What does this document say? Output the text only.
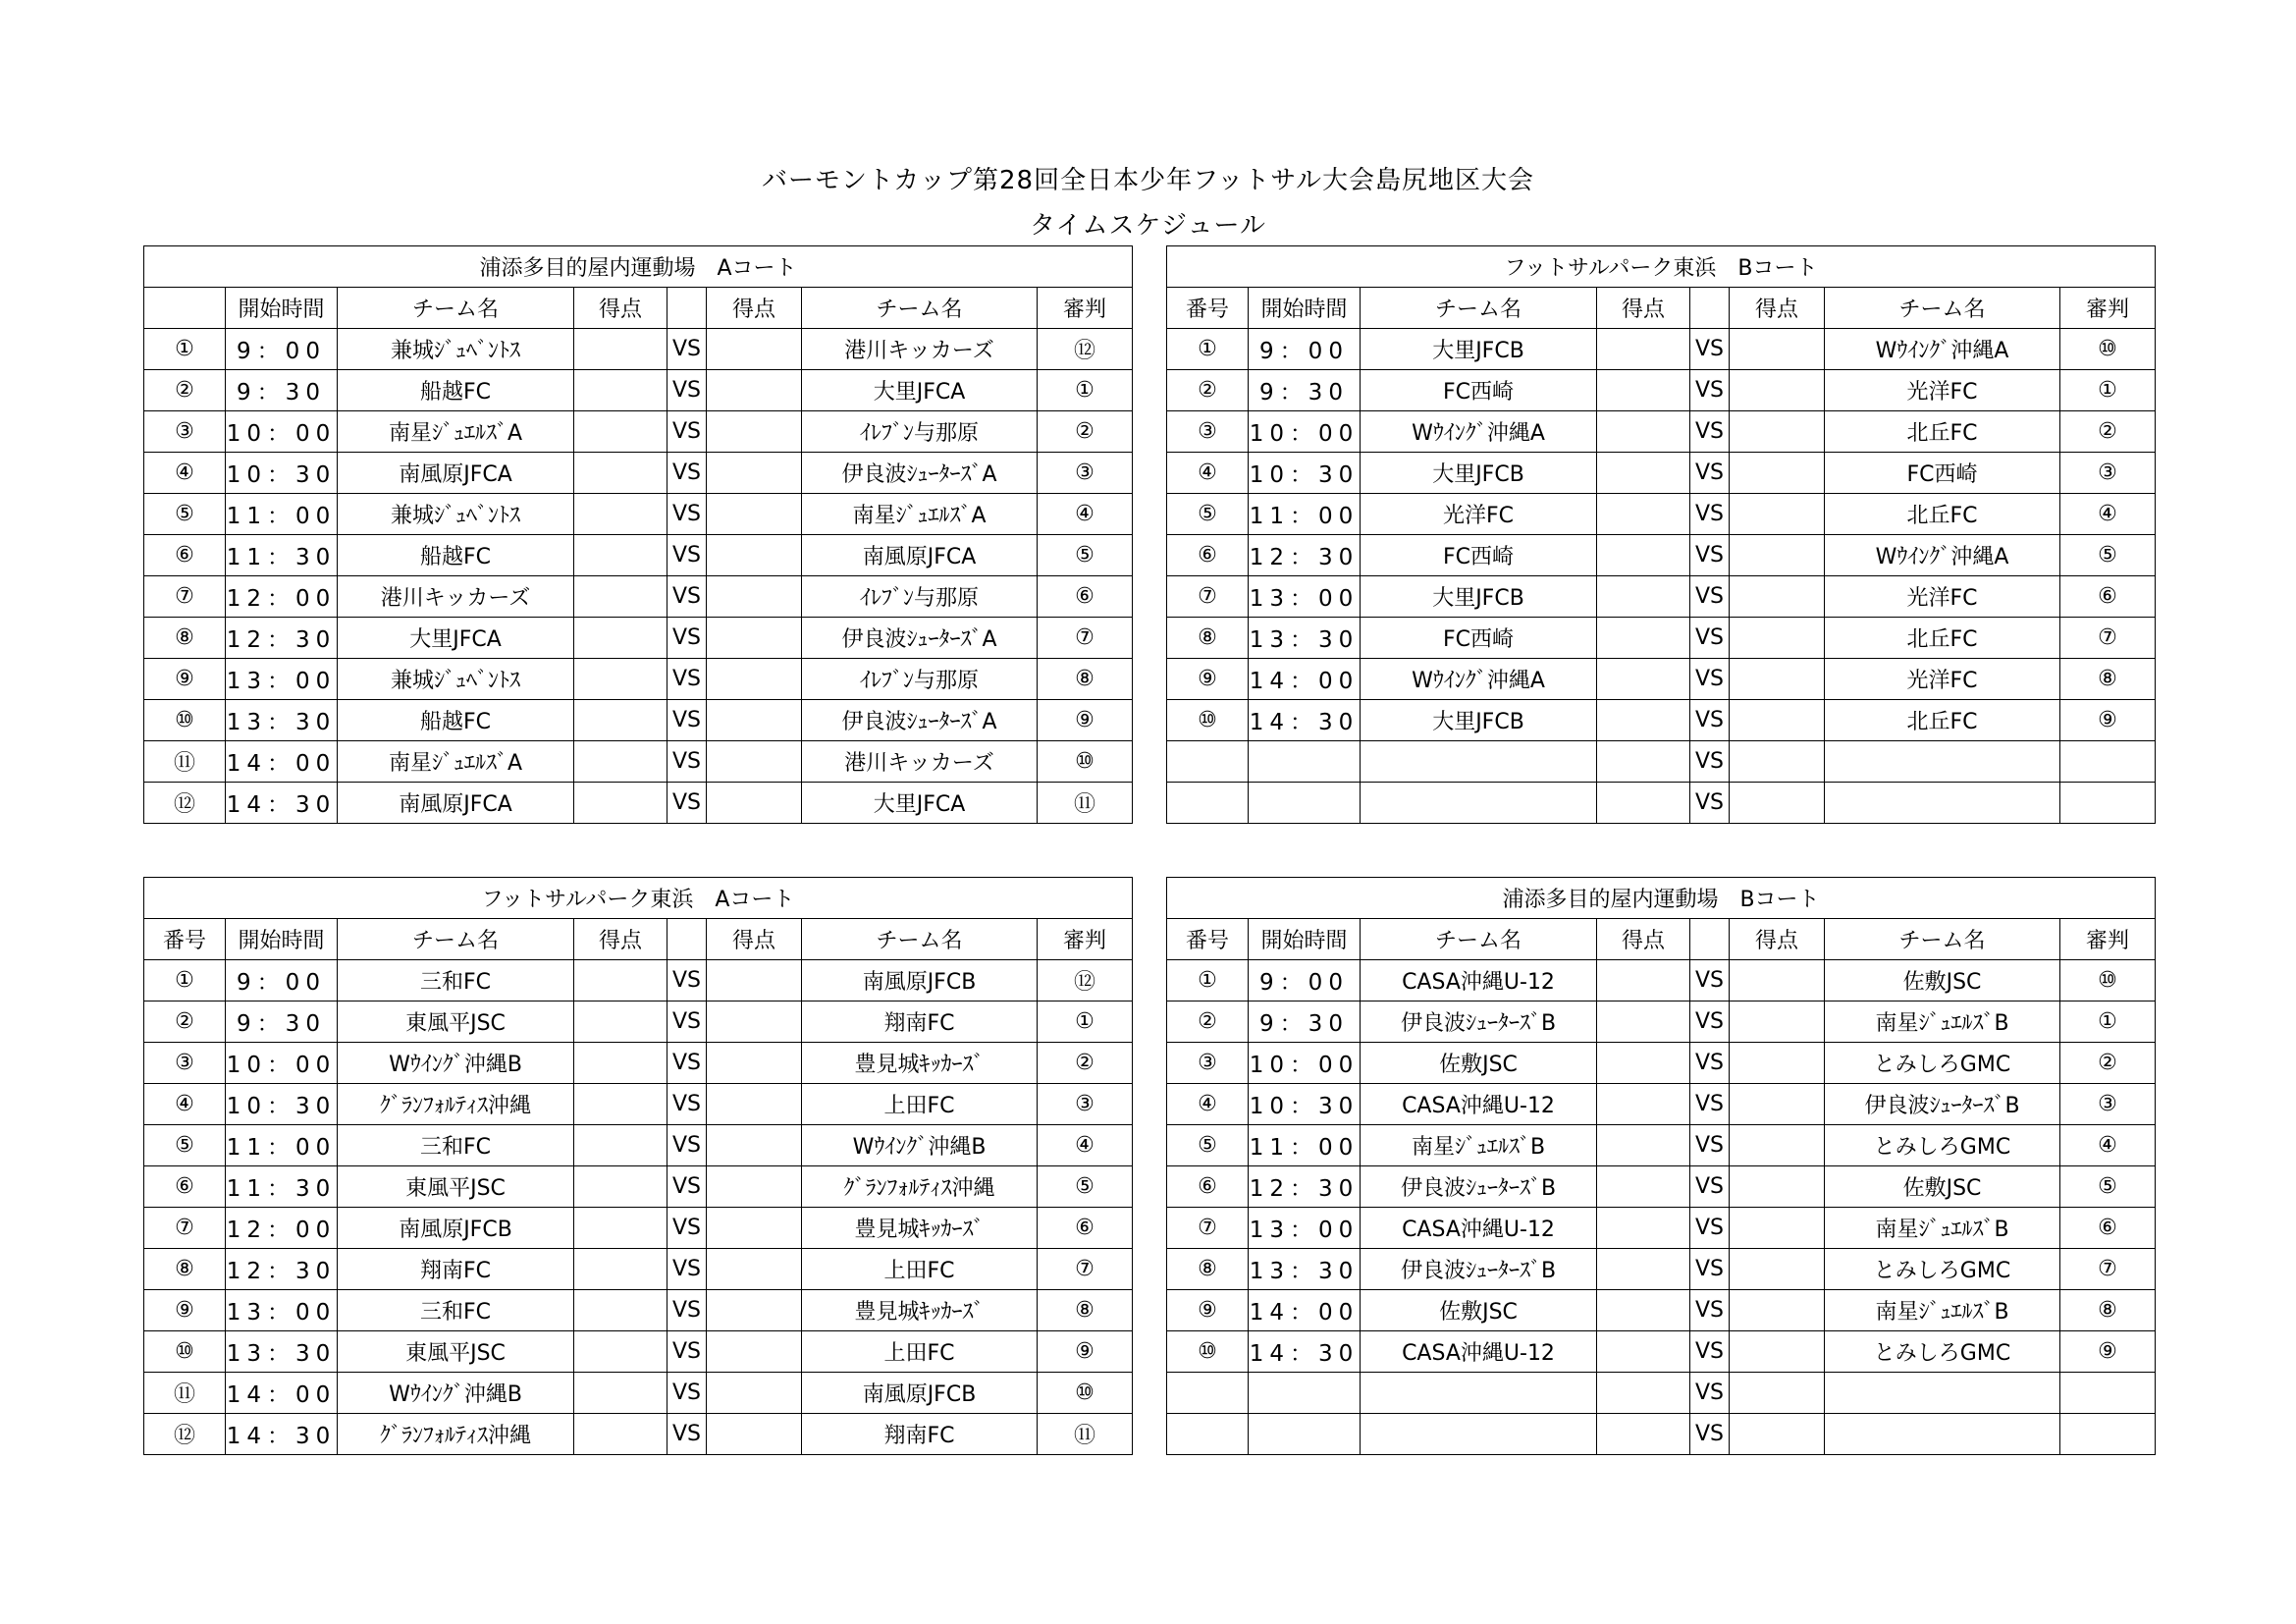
バーモントカップ第28回全日本少年フットサル大会島尻地区大会
タイムスケジュール
浦添多目的屋内運動場　Aコート							
	開始時間	チーム名	得点		得点	チーム名	審判
①	9：00	兼城ｼﾞｭﾍﾞﾝﾄｽ		VS		港川キッカーズ	⑫
②	9：30	船越FC		VS		大里JFCA	①
③	10：00	南星ｼﾞｭｴﾙｽﾞA		VS		ｲﾚﾌﾞﾝ与那原	②
④	10：30	南風原JFCA		VS		伊良波ｼｭｰﾀｰｽﾞA	③
⑤	11：00	兼城ｼﾞｭﾍﾞﾝﾄｽ		VS		南星ｼﾞｭｴﾙｽﾞA	④
⑥	11：30	船越FC		VS		南風原JFCA	⑤
⑦	12：00	港川キッカーズ		VS		ｲﾚﾌﾞﾝ与那原	⑥
⑧	12：30	大里JFCA		VS		伊良波ｼｭｰﾀｰｽﾞA	⑦
⑨	13：00	兼城ｼﾞｭﾍﾞﾝﾄｽ		VS		ｲﾚﾌﾞﾝ与那原	⑧
⑩	13：30	船越FC		VS		伊良波ｼｭｰﾀｰｽﾞA	⑨
⑪	14：00	南星ｼﾞｭｴﾙｽﾞA		VS		港川キッカーズ	⑩
⑫	14：30	南風原JFCA		VS		大里JFCA	⑪
フットサルパーク東浜　Bコート							
番号	開始時間	チーム名	得点		得点	チーム名	審判
①	9：00	大里JFCB		VS		Wｳｲﾝｸﾞ沖縄A	⑩
②	9：30	FC西崎		VS		光洋FC	①
③	10：00	Wｳｲﾝｸﾞ沖縄A		VS		北丘FC	②
④	10：30	大里JFCB		VS		FC西崎	③
⑤	11：00	光洋FC		VS		北丘FC	④
⑥	12：30	FC西崎		VS		Wｳｲﾝｸﾞ沖縄A	⑤
⑦	13：00	大里JFCB		VS		光洋FC	⑥
⑧	13：30	FC西崎		VS		北丘FC	⑦
⑨	14：00	Wｳｲﾝｸﾞ沖縄A		VS		光洋FC	⑧
⑩	14：30	大里JFCB		VS		北丘FC	⑨
				VS			
				VS			
フットサルパーク東浜　Aコート							
番号	開始時間	チーム名	得点		得点	チーム名	審判
①	9：00	三和FC		VS		南風原JFCB	⑫
②	9：30	東風平JSC		VS		翔南FC	①
③	10：00	Wｳｲﾝｸﾞ沖縄B		VS		豊見城ｷｯｶｰｽﾞ	②
④	10：30	ｸﾞﾗﾝﾌｫﾙﾃｨｽ沖縄		VS		上田FC	③
⑤	11：00	三和FC		VS		Wｳｲﾝｸﾞ沖縄B	④
⑥	11：30	東風平JSC		VS		ｸﾞﾗﾝﾌｫﾙﾃｨｽ沖縄	⑤
⑦	12：00	南風原JFCB		VS		豊見城ｷｯｶｰｽﾞ	⑥
⑧	12：30	翔南FC		VS		上田FC	⑦
⑨	13：00	三和FC		VS		豊見城ｷｯｶｰｽﾞ	⑧
⑩	13：30	東風平JSC		VS		上田FC	⑨
⑪	14：00	Wｳｲﾝｸﾞ沖縄B		VS		南風原JFCB	⑩
⑫	14：30	ｸﾞﾗﾝﾌｫﾙﾃｨｽ沖縄		VS		翔南FC	⑪
浦添多目的屋内運動場　Bコート							
番号	開始時間	チーム名	得点		得点	チーム名	審判
①	9：00	CASA沖縄U-12		VS		佐敷JSC	⑩
②	9：30	伊良波ｼｭｰﾀｰｽﾞB		VS		南星ｼﾞｭｴﾙｽﾞB	①
③	10：00	佐敷JSC		VS		とみしろGMC	②
④	10：30	CASA沖縄U-12		VS		伊良波ｼｭｰﾀｰｽﾞB	③
⑤	11：00	南星ｼﾞｭｴﾙｽﾞB		VS		とみしろGMC	④
⑥	12：30	伊良波ｼｭｰﾀｰｽﾞB		VS		佐敷JSC	⑤
⑦	13：00	CASA沖縄U-12		VS		南星ｼﾞｭｴﾙｽﾞB	⑥
⑧	13：30	伊良波ｼｭｰﾀｰｽﾞB		VS		とみしろGMC	⑦
⑨	14：00	佐敷JSC		VS		南星ｼﾞｭｴﾙｽﾞB	⑧
⑩	14：30	CASA沖縄U-12		VS		とみしろGMC	⑨
				VS			
				VS			
